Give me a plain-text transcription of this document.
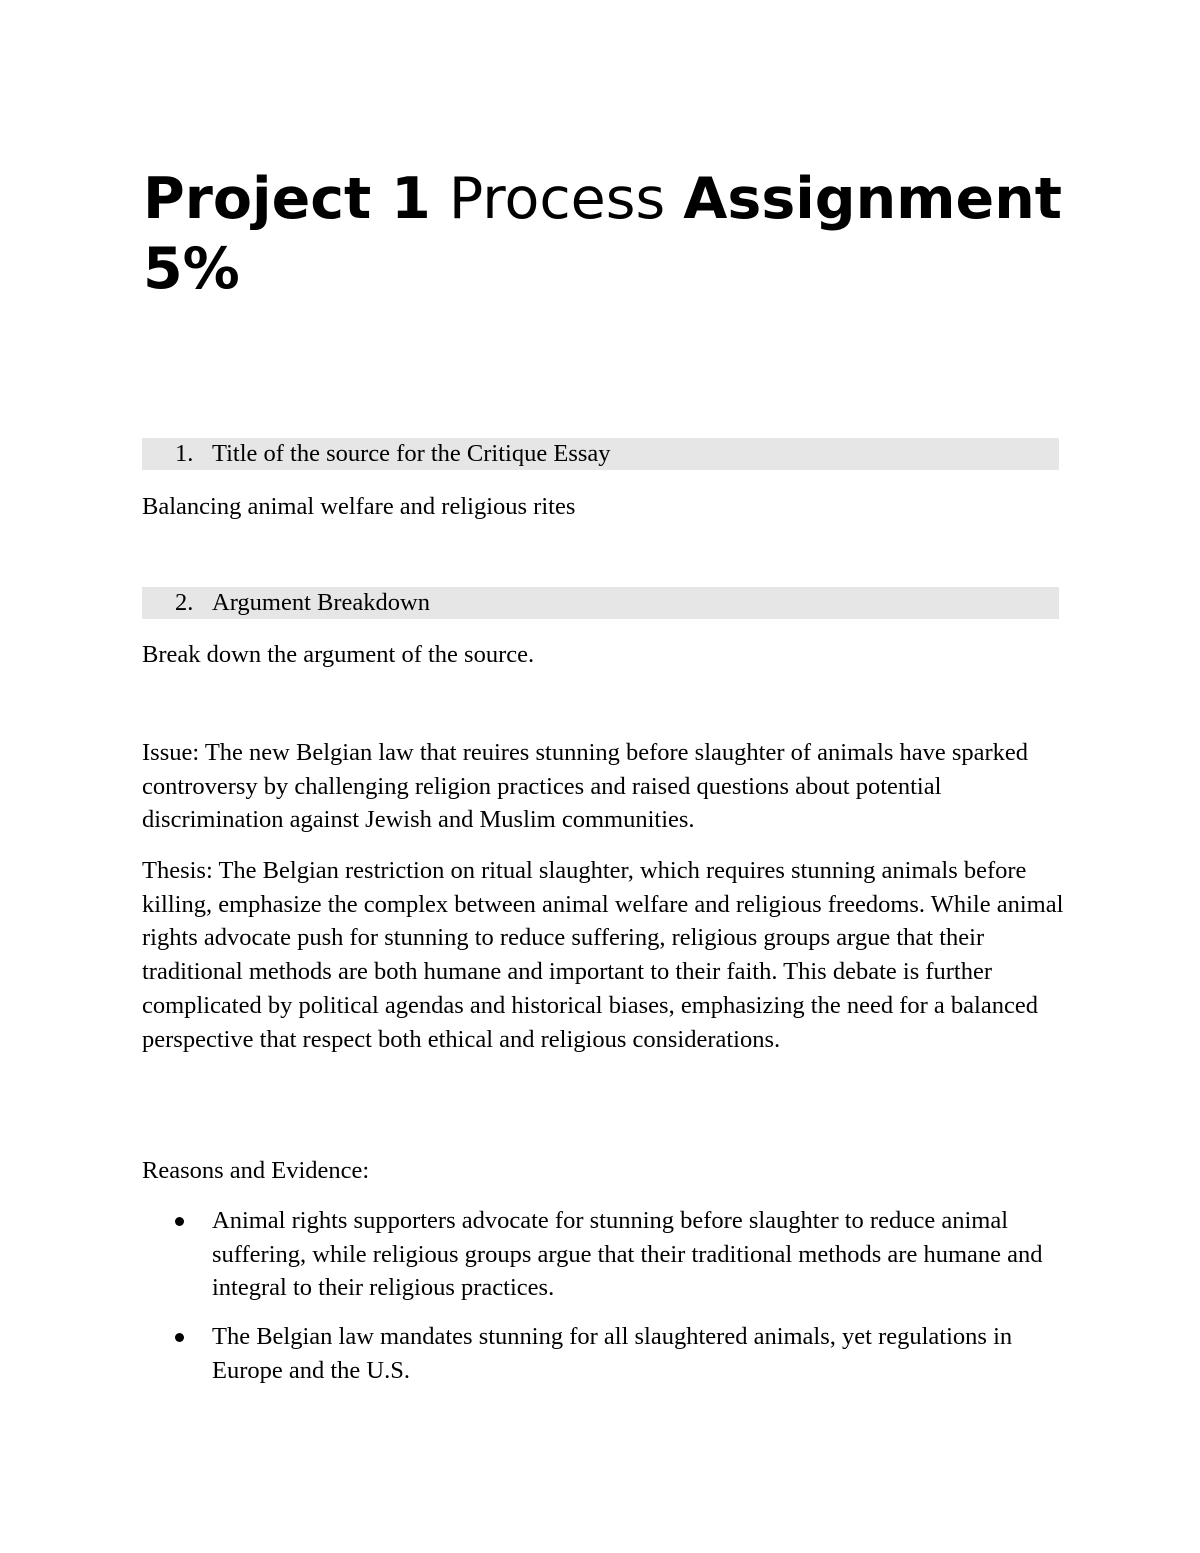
Project 1 Process Assignment
5%
1. Title of the source for the Critique Essay
Balancing animal welfare and religious rites
2. Argument Breakdown
Break down the argument of the source.

Issue: The new Belgian law that reuires stunning before slaughter of animals have sparked controversy by challenging religion practices and raised questions about potential discrimination against Jewish and Muslim communities.

Thesis: The Belgian restriction on ritual slaughter, which requires stunning animals before killing, emphasize the complex between animal welfare and religious freedoms. While animal rights advocate push for stunning to reduce suffering, religious groups argue that their traditional methods are both humane and important to their faith. This debate is further complicated by political agendas and historical biases, emphasizing the need for a balanced perspective that respect both ethical and religious considerations.

Reasons and Evidence:
Animal rights supporters advocate for stunning before slaughter to reduce animal suffering, while religious groups argue that their traditional methods are humane and integral to their religious practices.
The Belgian law mandates stunning for all slaughtered animals, yet regulations in Europe and the U.S.
